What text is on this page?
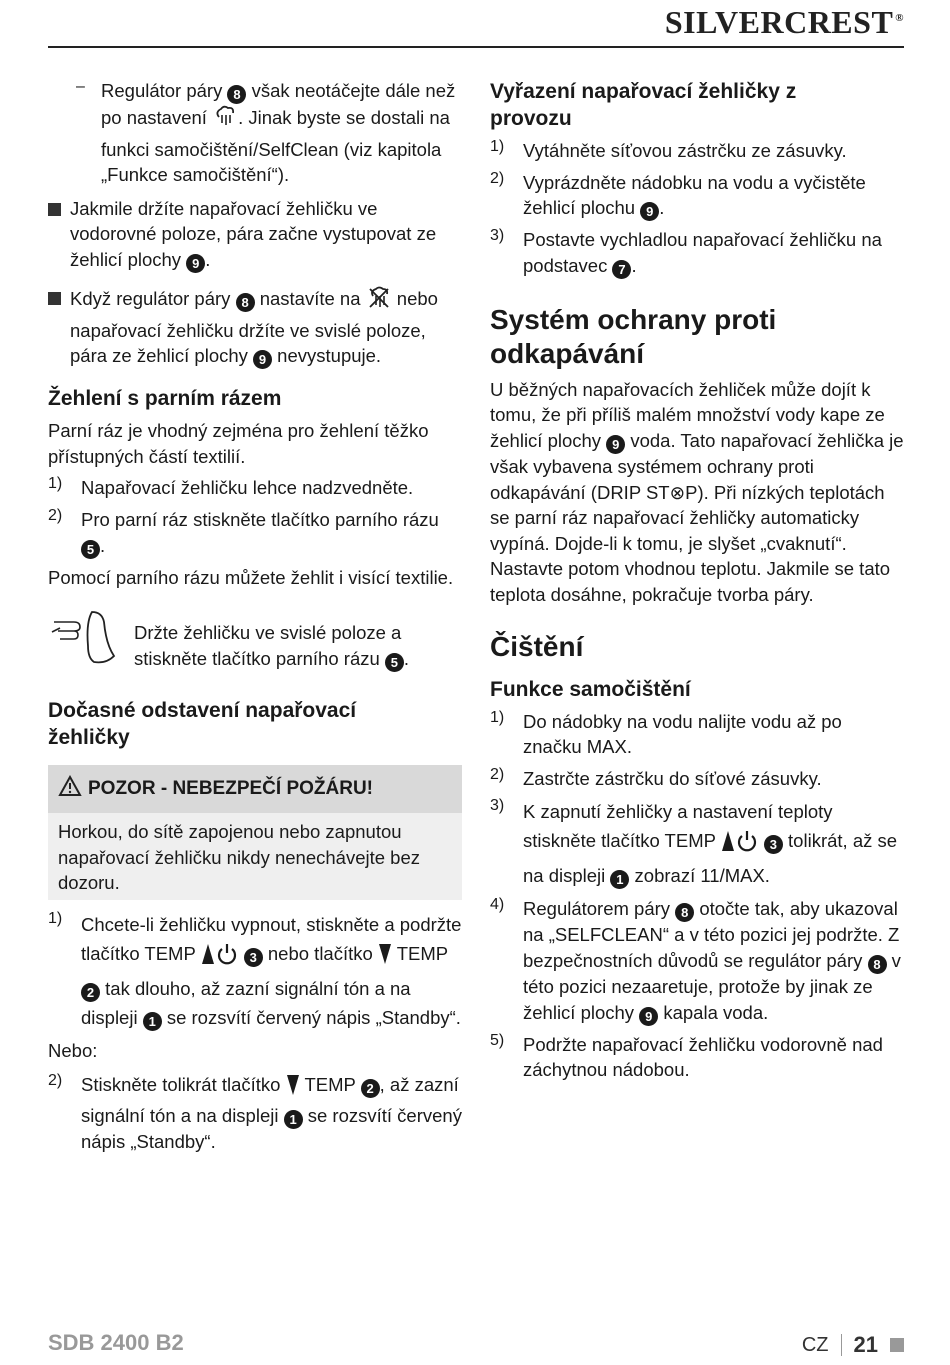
SILVERCREST ®
– Regulátor páry 8 však neotáčejte dále než po nastavení . Jinak byste se dostali na funkci samočištění/SelfClean (viz kapitola „Funkce samočištění“).

Jakmile držíte napařovací žehličku ve vodorovné poloze, pára začne vystupovat ze žehlicí plochy 9 .

Když regulátor páry 8 nastavíte na  nebo napařovací žehličku držíte ve svislé poloze, pára ze žehlicí plochy 9 nevystupuje.

Žehlení s parním rázem

Parní ráz je vhodný zejména pro žehlení těžko přístupných částí textilií.

1)	Napařovací žehličku lehce nadzvedněte.

2)	Pro parní ráz stiskněte tlačítko parního rázu 5 .

Pomocí parního rázu můžete žehlit i visící textilie.

Držte žehličku ve svislé poloze a stiskněte tlačítko parního rázu 5 .

Dočasné odstavení napařovací žehličky
POZOR - NEBEZPEČÍ POŽÁRU!

Horkou, do sítě zapojenou nebo zapnutou napařovací žehličku nikdy nenechávejte bez dozoru.

1)	Chcete-li žehličku vypnout, stiskněte a podržte tlačítko TEMP	3 nebo tlačítko  TEMP 2 tak dlouho, až zazní signální tón a na displeji 1 se rozsvítí červený nápis „Standby“.

Nebo:

2)	Stiskněte tolikrát tlačítko  TEMP 2 , až zazní signální tón a na displeji 1 se rozsvítí červený nápis „Standby“.

Vyřazení napařovací žehličky z provozu
1)	Vytáhněte síťovou zástrčku ze zásuvky.

2)	Vyprázdněte nádobku na vodu a vyčistěte žehlicí plochu 9 .

3)	Postavte vychladlou napařovací žehličku na podstavec 7 .

Systém ochrany proti odkapávání

U běžných napařovacích žehliček může dojít k tomu, že při příliš malém množství vody kape ze žehlicí plochy 9 voda. Tato napařovací žehlička je však vybavena systémem ochrany proti odkapávání (DRIP ST⊗P). Při nízkých teplotách se parní ráz napařovací žehličky automaticky vypíná. Dojde-li k tomu, je slyšet „cvaknutí“. Nastavte potom vhodnou teplotu. Jakmile se tato teplota dosáhne, pokračuje tvorba páry.

Čištění
Funkce samočištění
1)	Do nádobky na vodu nalijte vodu až po značku MAX.

2)	Zastrčte zástrčku do síťové zásuvky.

3)	K zapnutí žehličky a nastavení teploty stiskněte tlačítko TEMP	3 tolikrát, až se na displeji 1 zobrazí 11/MAX.

4)	Regulátorem páry 8 otočte tak, aby ukazoval na „SELFCLEAN“ a v této pozici jej podržte. Z bezpečnostních důvodů se regulátor páry 8 v této pozici nezaaretuje, protože by jinak ze žehlicí plochy 9 kapala voda.

5)	Podržte napařovací žehličku vodorovně nad záchytnou nádobou.

SDB 2400 B2	CZ 21
